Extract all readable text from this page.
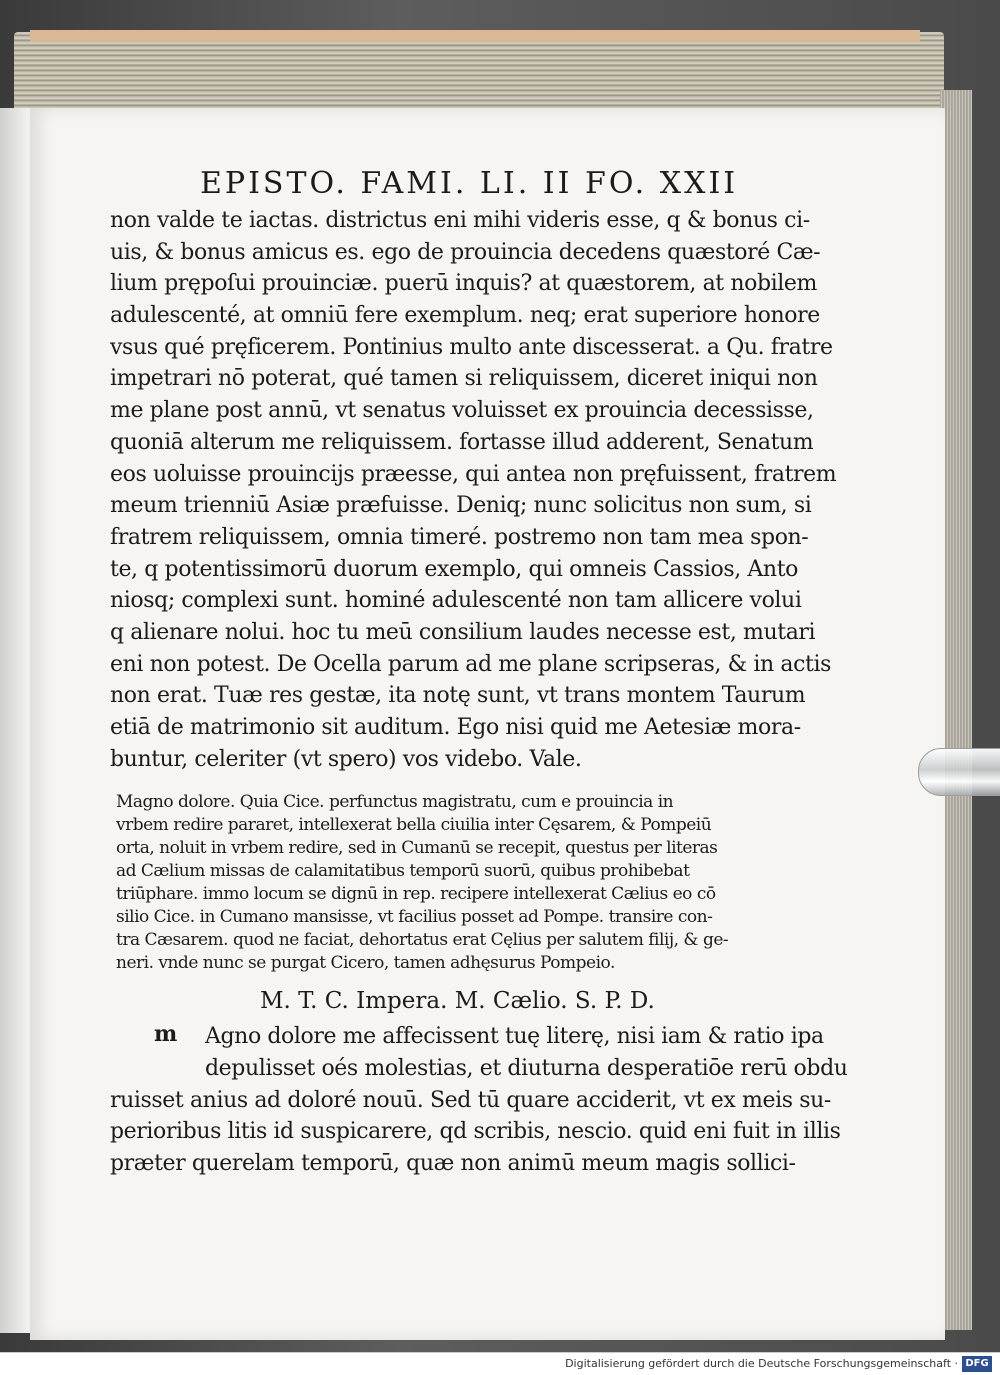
EPISTO. FAMI. LI. II FO. XXII
non valde te iactas. districtus eni mihi videris esse, q & bonus ci-
uis, & bonus amicus es. ego de prouincia decedens quæstoré Cæ-
lium prępoſui prouinciæ. puerū inquis? at quæstorem, at nobilem
adulescenté, at omniū fere exemplum. neq; erat superiore honore
vsus qué pręficerem. Pontinius multo ante discesserat. a Qu. fratre
impetrari nō poterat, qué tamen si reliquissem, diceret iniqui non
me plane post annū, vt senatus voluisset ex prouincia decessisse,
quoniā alterum me reliquissem. fortasse illud adderent, Senatum
eos uoluisse prouincijs præesse, qui antea non pręfuissent, fratrem
meum trienniū Asiæ præfuisse. Deniq; nunc solicitus non sum, si
fratrem reliquissem, omnia timeré. postremo non tam mea spon-
te, q potentissimorū duorum exemplo, qui omneis Cassios, Anto
niosq; complexi sunt. hominé adulescenté non tam allicere volui
q alienare nolui. hoc tu meū consilium laudes necesse est, mutari
eni non potest. De Ocella parum ad me plane scripseras, & in actis
non erat. Tuæ res gestæ, ita notę sunt, vt trans montem Taurum
etiā de matrimonio sit auditum. Ego nisi quid me Aetesiæ mora-
buntur, celeriter (vt spero) vos videbo. Vale.
Magno dolore. Quia Cice. perfunctus magistratu, cum e prouincia in
vrbem redire pararet, intellexerat bella ciuilia inter Cęsarem, & Pompeiū
orta, noluit in vrbem redire, sed in Cumanū se recepit, questus per literas
ad Cælium missas de calamitatibus temporū suorū, quibus prohibebat
triūphare. immo locum se dignū in rep. recipere intellexerat Cælius eo cō
silio Cice. in Cumano mansisse, vt facilius posset ad Pompe. transire con-
tra Cæsarem. quod ne faciat, dehortatus erat Cęlius per salutem filij, & ge-
neri. vnde nunc se purgat Cicero, tamen adhęsurus Pompeio.
M. T. C. Impera. M. Cælio. S. P. D.
m Agno dolore me affecissent tuę literę, nisi iam & ratio ipa
depulisset oés molestias, et diuturna desperatiōe rerū obdu
ruisset anius ad doloré nouū. Sed tū quare acciderit, vt ex meis su-
perioribus litis id suspicarere, qd scribis, nescio. quid eni fuit in illis
præter querelam temporū, quæ non animū meum magis sollici-
Digitalisierung gefördert durch die Deutsche Forschungsgemeinschaft · DFG
